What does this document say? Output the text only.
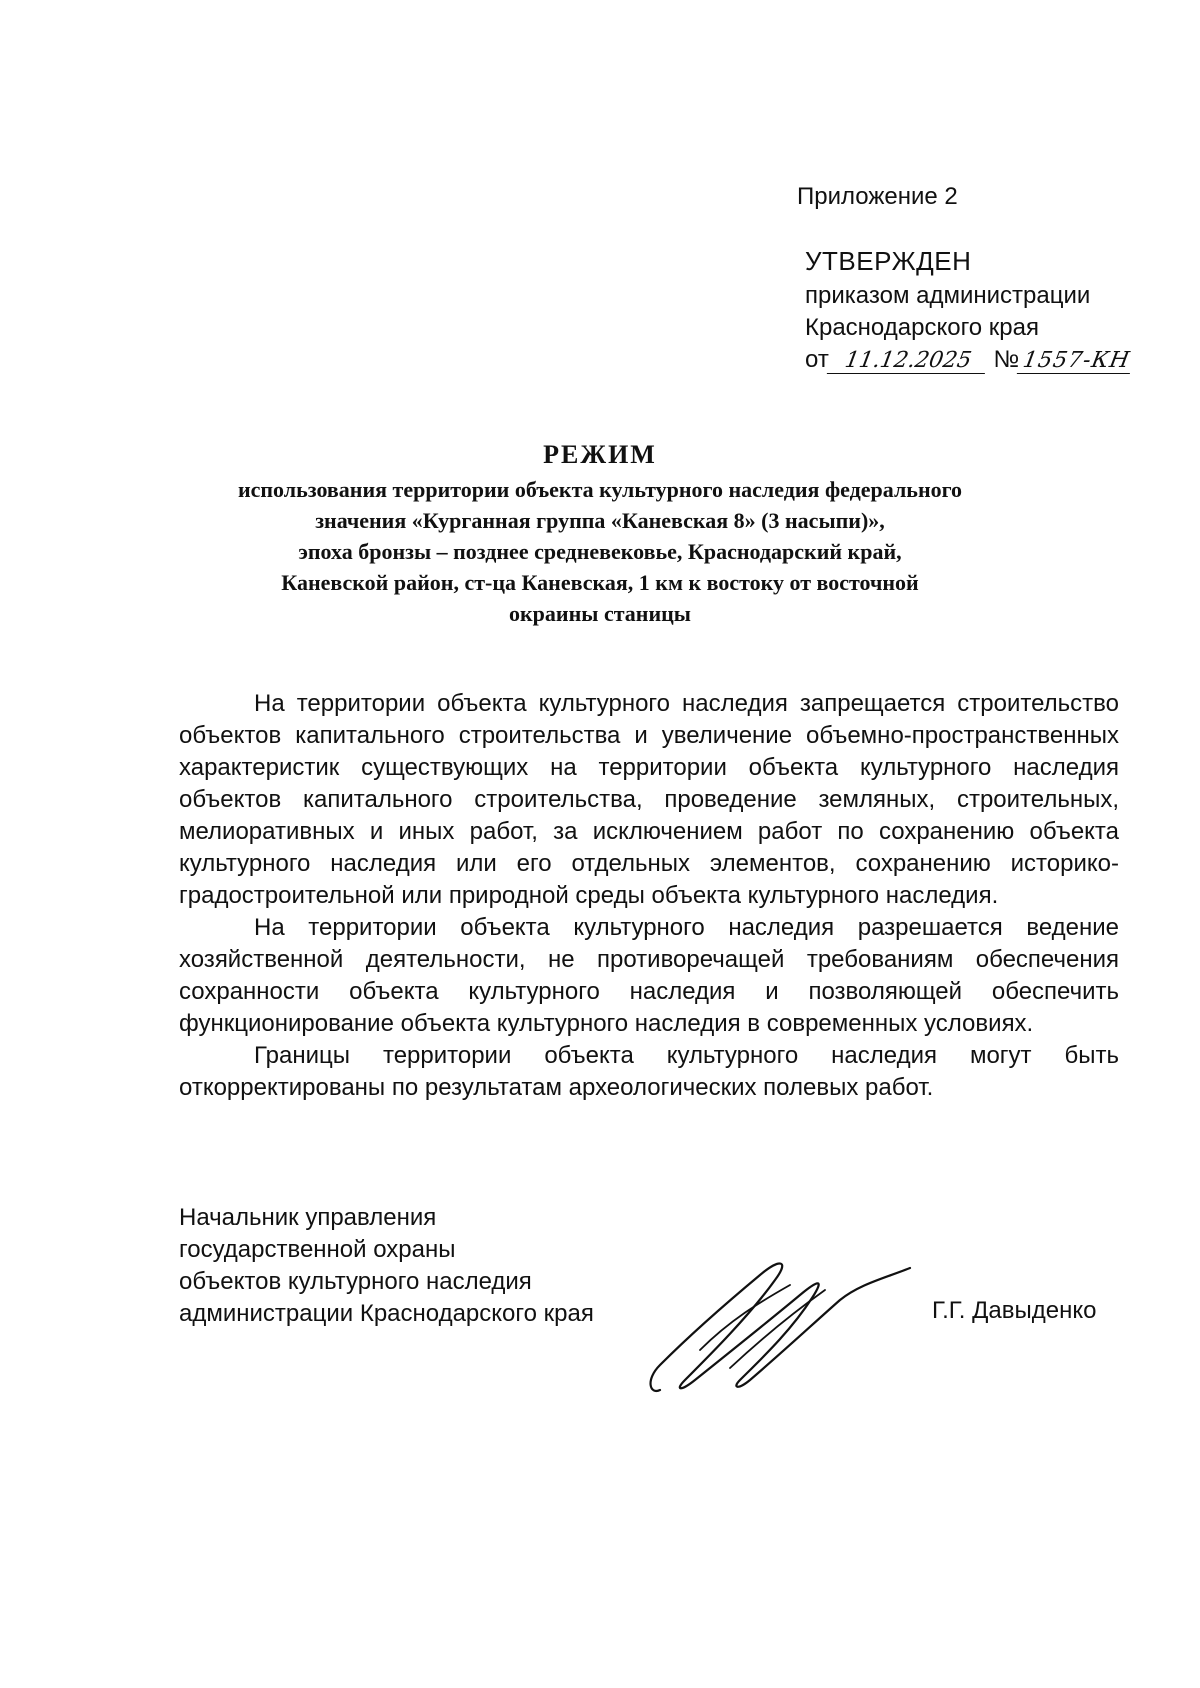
Приложение 2
УТВЕРЖДЕН
приказом администрации
Краснодарского края
от 11.12.2025 №1557-КН
РЕЖИМ
использования территории объекта культурного наследия федерального
значения «Курганная группа «Каневская 8» (3 насыпи)»,
эпоха бронзы – позднее средневековье, Краснодарский край,
Каневской район, ст-ца Каневская, 1 км к востоку от восточной
окраины станицы

На территории объекта культурного наследия запрещается строительство объектов капитального строительства и увеличение объемно-пространственных характеристик существующих на территории объекта культурного наследия объектов капитального строительства, проведение земляных, строительных, мелиоративных и иных работ, за исключением работ по сохранению объекта культурного наследия или его отдельных элементов, сохранению историко-градостроительной или природной среды объекта культурного наследия.

На территории объекта культурного наследия разрешается ведение хозяйственной деятельности, не противоречащей требованиям обеспечения сохранности объекта культурного наследия и позволяющей обеспечить функционирование объекта культурного наследия в современных условиях.

Границы территории объекта культурного наследия могут быть откорректированы по результатам археологических полевых работ.

Начальник управления
государственной охраны
объектов культурного наследия
администрации Краснодарского края	Г.Г. Давыденко
